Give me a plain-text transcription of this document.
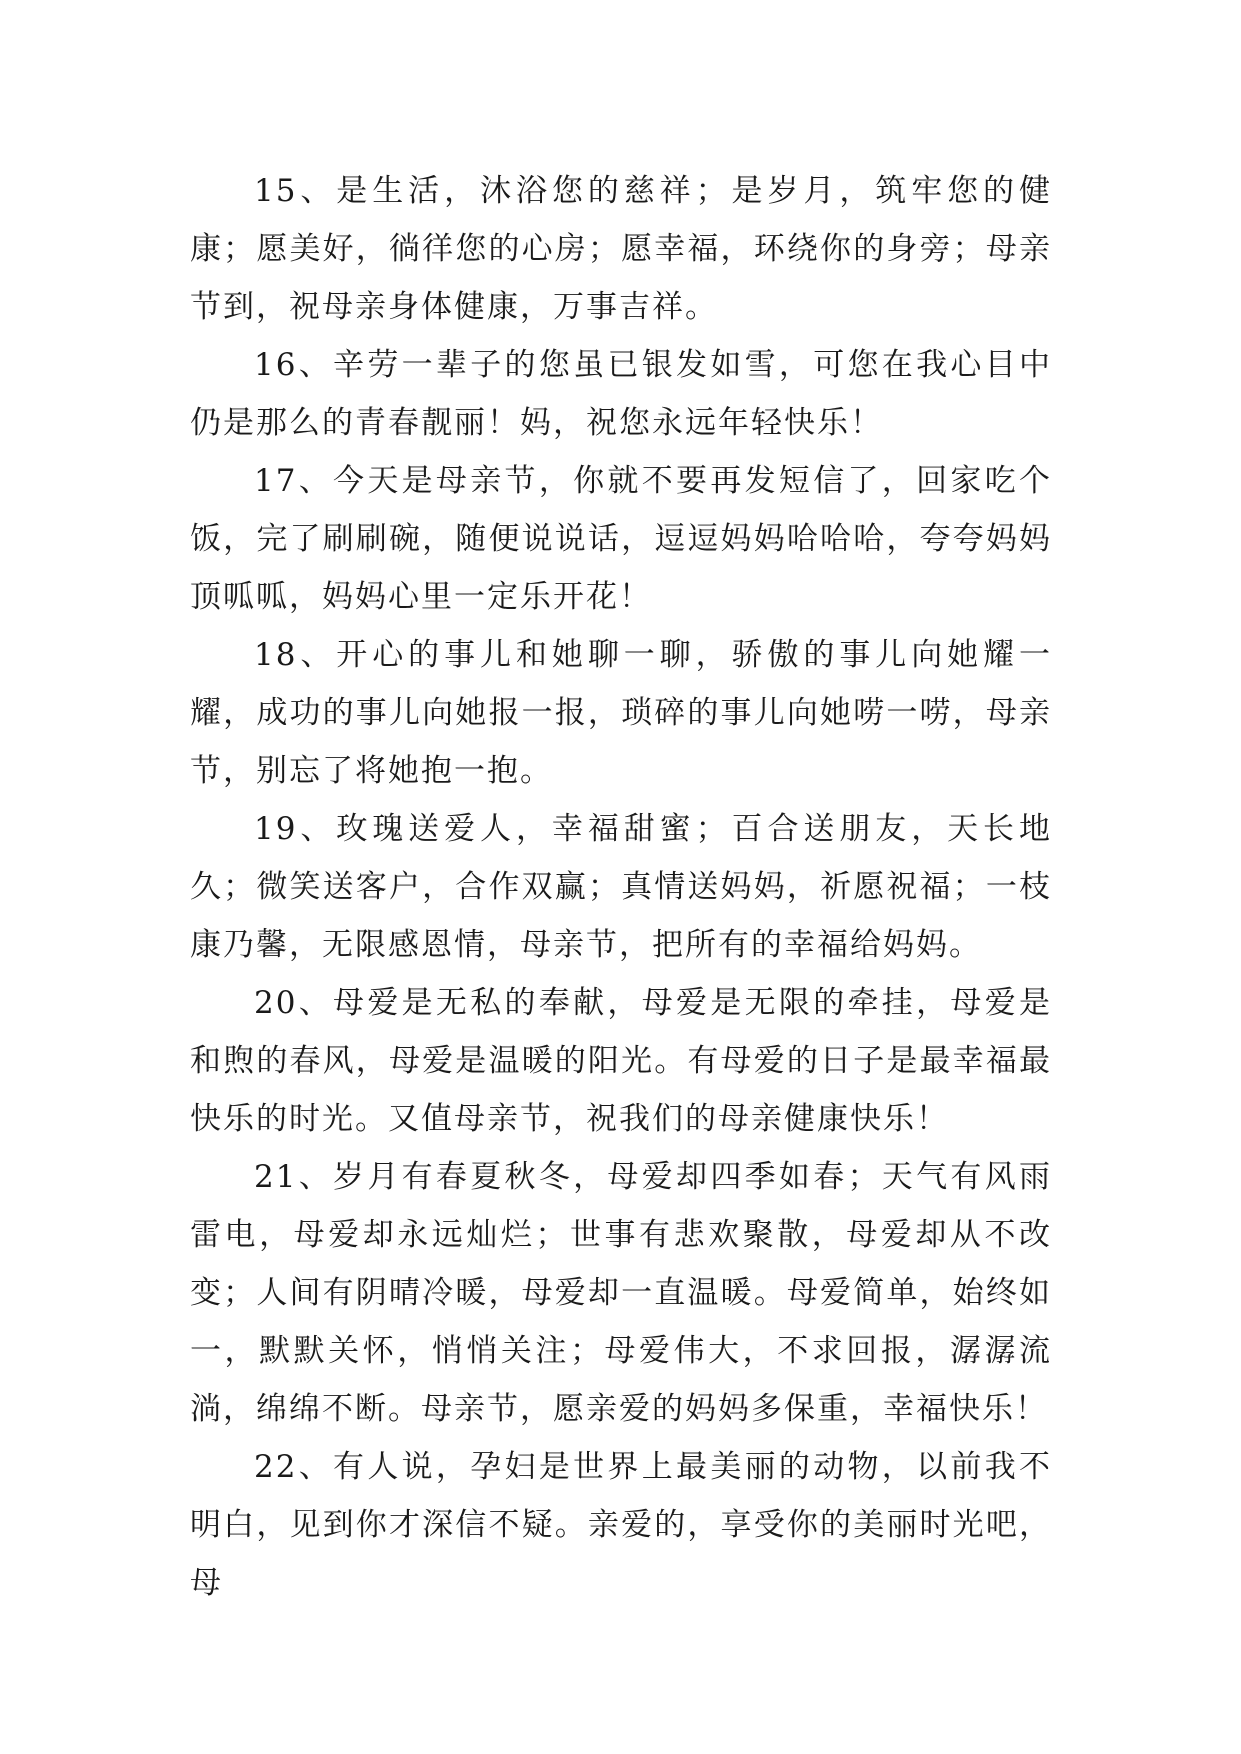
15、是生活，沐浴您的慈祥；是岁月，筑牢您的健康；愿美好，徜徉您的心房；愿幸福，环绕你的身旁；母亲节到，祝母亲身体健康，万事吉祥。

16、辛劳一辈子的您虽已银发如雪，可您在我心目中仍是那么的青春靓丽！妈，祝您永远年轻快乐！

17、今天是母亲节，你就不要再发短信了，回家吃个饭，完了刷刷碗，随便说说话，逗逗妈妈哈哈哈，夸夸妈妈顶呱呱，妈妈心里一定乐开花！

18、开心的事儿和她聊一聊，骄傲的事儿向她耀一耀，成功的事儿向她报一报，琐碎的事儿向她唠一唠，母亲节，别忘了将她抱一抱。

19、玫瑰送爱人，幸福甜蜜；百合送朋友，天长地久；微笑送客户，合作双赢；真情送妈妈，祈愿祝福；一枝康乃馨，无限感恩情，母亲节，把所有的幸福给妈妈。

20、母爱是无私的奉献，母爱是无限的牵挂，母爱是和煦的春风，母爱是温暖的阳光。有母爱的日子是最幸福最快乐的时光。又值母亲节，祝我们的母亲健康快乐！

21、岁月有春夏秋冬，母爱却四季如春；天气有风雨雷电，母爱却永远灿烂；世事有悲欢聚散，母爱却从不改变；人间有阴晴冷暖，母爱却一直温暖。母爱简单，始终如一，默默关怀，悄悄关注；母爱伟大，不求回报，潺潺流淌，绵绵不断。母亲节，愿亲爱的妈妈多保重，幸福快乐！

22、有人说，孕妇是世界上最美丽的动物，以前我不明白，见到你才深信不疑。亲爱的，享受你的美丽时光吧，母
